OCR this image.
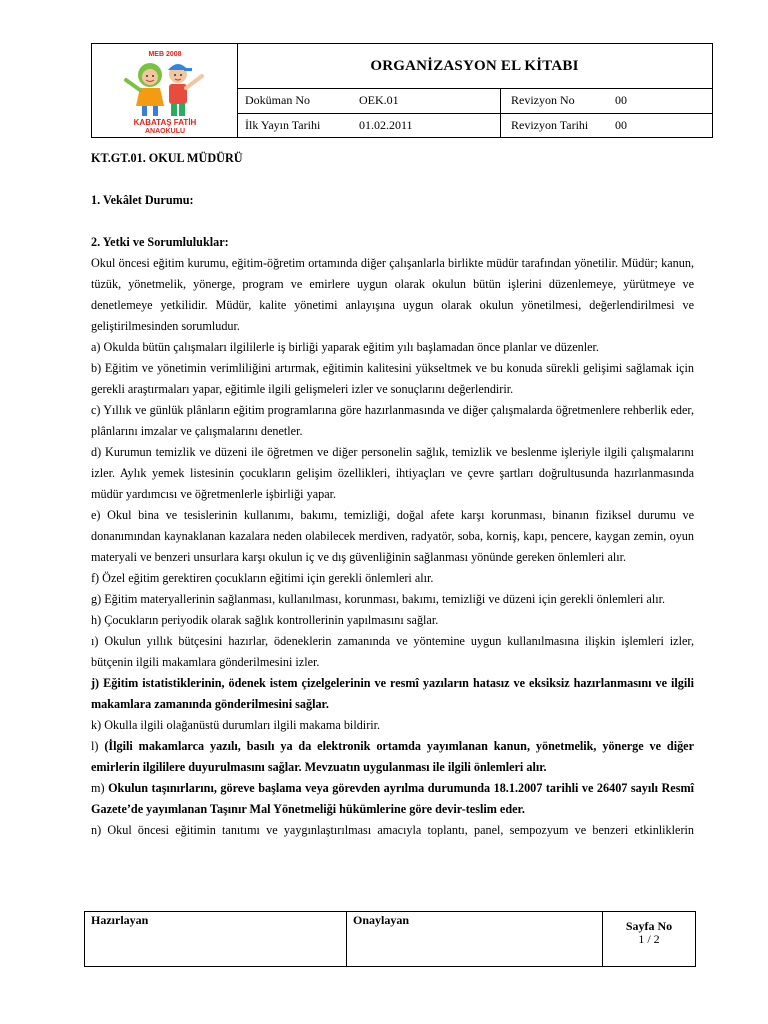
MEB 2008
KABATAŞ FATİH
ANAOKULU
ORGANİZASYON EL KİTABI
Doküman No	OEK.01	Revizyon No	00
İlk Yayın Tarihi	01.02.2011	Revizyon Tarihi 00

KT.GT.01. OKUL MÜDÜRÜ

1. Vekâlet Durumu:

2. Yetki ve Sorumluluklar:

Okul öncesi eğitim kurumu, eğitim-öğretim ortamında diğer çalışanlarla birlikte müdür tarafından yönetilir. Müdür; kanun, tüzük, yönetmelik, yönerge, program ve emirlere uygun olarak okulun bütün işlerini düzenlemeye, yürütmeye ve denetlemeye yetkilidir. Müdür, kalite yönetimi anlayışına uygun olarak okulun yönetilmesi, değerlendirilmesi ve geliştirilmesinden sorumludur.

a) Okulda bütün çalışmaları ilgililerle iş birliği yaparak eğitim yılı başlamadan önce planlar ve düzenler.

b) Eğitim ve yönetimin verimliliğini artırmak, eğitimin kalitesini yükseltmek ve bu konuda sürekli gelişimi sağlamak için gerekli araştırmaları yapar, eğitimle ilgili gelişmeleri izler ve sonuçlarını değerlendirir.

c) Yıllık ve günlük plânların eğitim programlarına göre hazırlanmasında ve diğer çalışmalarda öğretmenlere rehberlik eder, plânlarını imzalar ve çalışmalarını denetler.

d) Kurumun temizlik ve düzeni ile öğretmen ve diğer personelin sağlık, temizlik ve beslenme işleriyle ilgili çalışmalarını izler. Aylık yemek listesinin çocukların gelişim özellikleri, ihtiyaçları ve çevre şartları doğrultusunda hazırlanmasında müdür yardımcısı ve öğretmenlerle işbirliği yapar.

e) Okul bina ve tesislerinin kullanımı, bakımı, temizliği, doğal afete karşı korunması, binanın fiziksel durumu ve donanımından kaynaklanan kazalara neden olabilecek merdiven, radyatör, soba, korniş, kapı, pencere, kaygan zemin, oyun materyali ve benzeri unsurlara karşı okulun iç ve dış güvenliğinin sağlanması yönünde gereken önlemleri alır.

f) Özel eğitim gerektiren çocukların eğitimi için gerekli önlemleri alır.

g) Eğitim materyallerinin sağlanması, kullanılması, korunması, bakımı, temizliği ve düzeni için gerekli önlemleri alır.

h) Çocukların periyodik olarak sağlık kontrollerinin yapılmasını sağlar.

ı) Okulun yıllık bütçesini hazırlar, ödeneklerin zamanında ve yöntemine uygun kullanılmasına ilişkin işlemleri izler, bütçenin ilgili makamlara gönderilmesini izler.

j) Eğitim istatistiklerinin, ödenek istem çizelgelerinin ve resmî yazıların hatasız ve eksiksiz hazırlanmasını ve ilgili makamlara zamanında gönderilmesini sağlar.

k) Okulla ilgili olağanüstü durumları ilgili makama bildirir.

l) (İlgili makamlarca yazılı, basılı ya da elektronik ortamda yayımlanan kanun, yönetmelik, yönerge ve diğer emirlerin ilgililere duyurulmasını sağlar. Mevzuatın uygulanması ile ilgili önlemleri alır.

m) Okulun taşınırlarını, göreve başlama veya görevden ayrılma durumunda 18.1.2007 tarihli ve 26407 sayılı Resmî Gazete’de yayımlanan Taşınır Mal Yönetmeliği hükümlerine göre devir-teslim eder.

n) Okul öncesi eğitimin tanıtımı ve yaygınlaştırılması amacıyla toplantı, panel, sempozyum ve benzeri etkinliklerin

Hazırlayan	Onaylayan	Sayfa No
1 / 2
